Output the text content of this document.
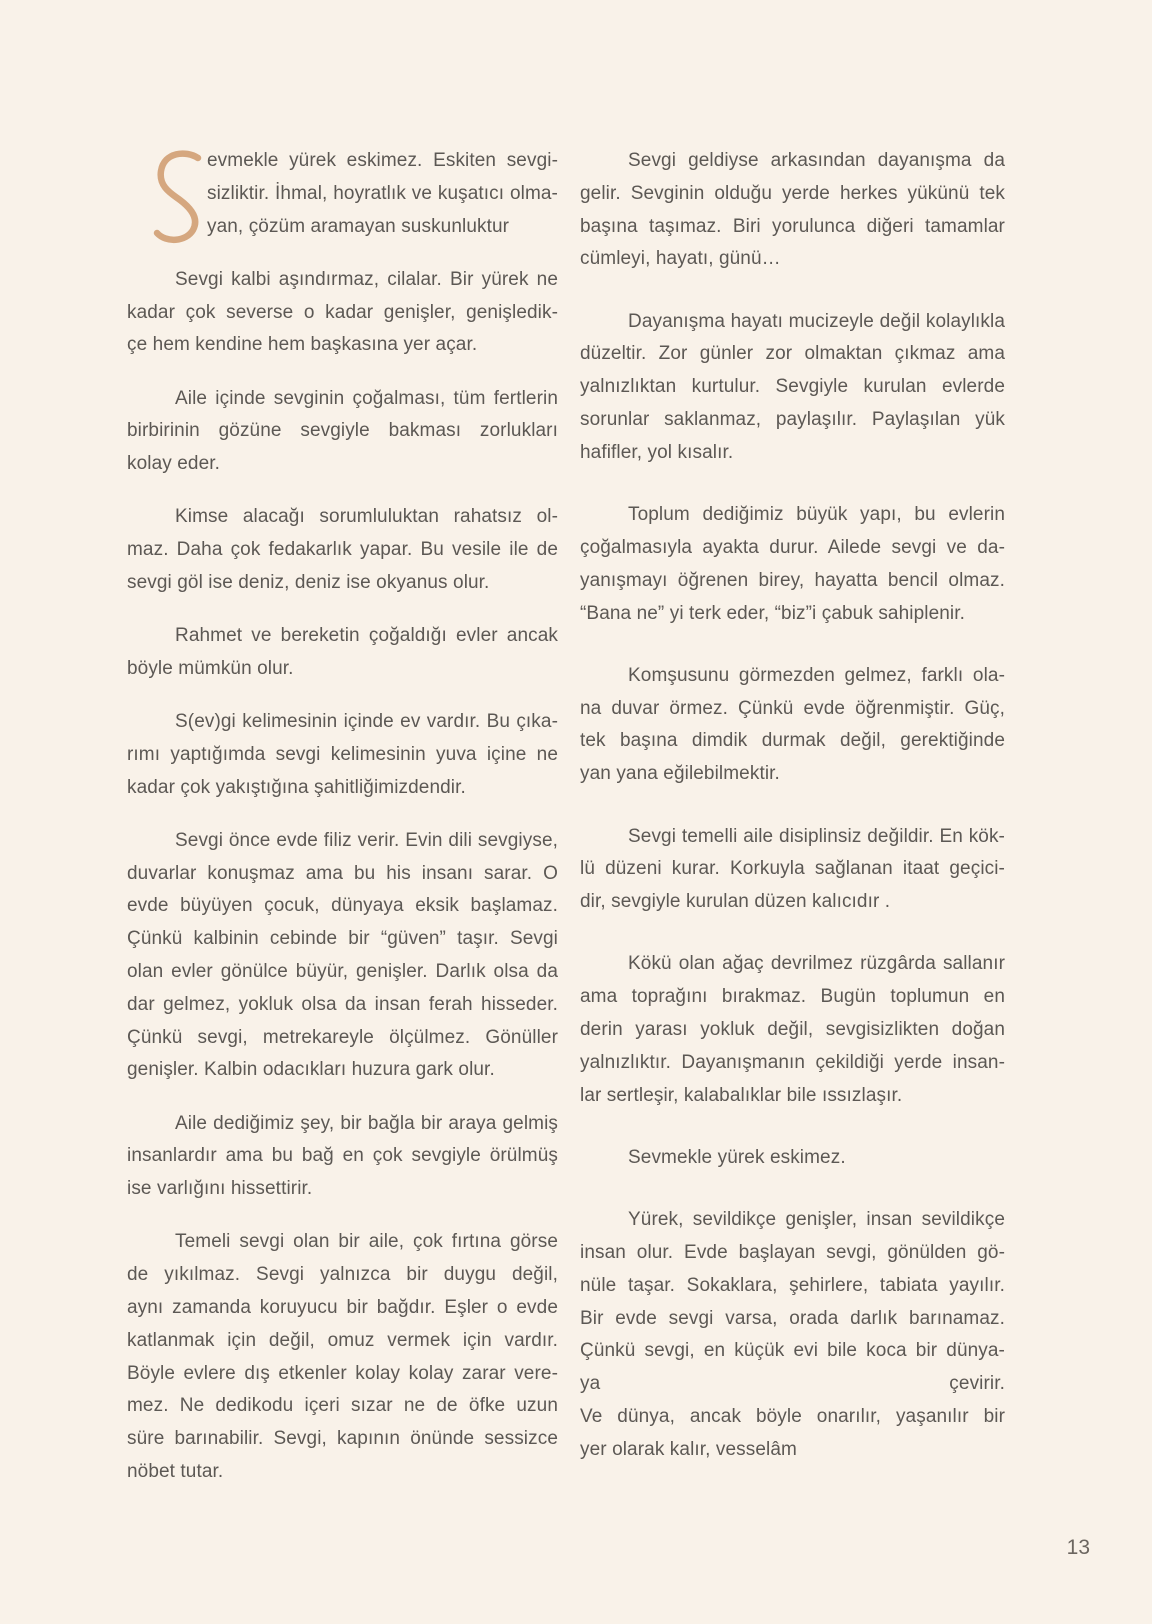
evmekle yürek eskimez. Eskiten sevgi-
sizliktir. İhmal, hoyratlık ve kuşatıcı olma-
yan, çözüm aramayan suskunluktur
Sevgi kalbi aşındırmaz, cilalar. Bir yürek ne
kadar çok severse o kadar genişler, genişledik-
çe hem kendine hem başkasına yer açar.
Aile içinde sevginin çoğalması, tüm fertlerin
birbirinin gözüne sevgiyle bakması zorlukları
kolay eder.
Kimse alacağı sorumluluktan rahatsız ol-
maz. Daha çok fedakarlık yapar. Bu vesile ile de
sevgi göl ise deniz, deniz ise okyanus olur.
Rahmet ve bereketin çoğaldığı evler ancak
böyle mümkün olur.
S(ev)gi kelimesinin içinde ev vardır. Bu çıka-
rımı yaptığımda sevgi kelimesinin yuva içine ne
kadar çok yakıştığına şahitliğimizdendir.
Sevgi önce evde filiz verir. Evin dili sevgiyse,
duvarlar konuşmaz ama bu his insanı sarar. O
evde büyüyen çocuk, dünyaya eksik başlamaz.
Çünkü kalbinin cebinde bir “güven” taşır. Sevgi
olan evler gönülce büyür, genişler. Darlık olsa da
dar gelmez, yokluk olsa da insan ferah hisseder.
Çünkü sevgi, metrekareyle ölçülmez. Gönüller
genişler. Kalbin odacıkları huzura gark olur.
Aile dediğimiz şey, bir bağla bir araya gelmiş
insanlardır ama bu bağ en çok sevgiyle örülmüş
ise varlığını hissettirir.
Temeli sevgi olan bir aile, çok fırtına görse
de yıkılmaz. Sevgi yalnızca bir duygu değil,
aynı zamanda koruyucu bir bağdır. Eşler o evde
katlanmak için değil, omuz vermek için vardır.
Böyle evlere dış etkenler kolay kolay zarar vere-
mez. Ne dedikodu içeri sızar ne de öfke uzun
süre barınabilir. Sevgi, kapının önünde sessizce
nöbet tutar.
Sevgi geldiyse arkasından dayanışma da
gelir. Sevginin olduğu yerde herkes yükünü tek
başına taşımaz. Biri yorulunca diğeri tamamlar
cümleyi, hayatı, günü…
Dayanışma hayatı mucizeyle değil kolaylıkla
düzeltir. Zor günler zor olmaktan çıkmaz ama
yalnızlıktan kurtulur. Sevgiyle kurulan evlerde
sorunlar saklanmaz, paylaşılır. Paylaşılan yük
hafifler, yol kısalır.
Toplum dediğimiz büyük yapı, bu evlerin
çoğalmasıyla ayakta durur. Ailede sevgi ve da-
yanışmayı öğrenen birey, hayatta bencil olmaz.
“Bana ne” yi terk eder, “biz”i çabuk sahiplenir.
Komşusunu görmezden gelmez, farklı ola-
na duvar örmez. Çünkü evde öğrenmiştir. Güç,
tek başına dimdik durmak değil, gerektiğinde
yan yana eğilebilmektir.
Sevgi temelli aile disiplinsiz değildir. En kök-
lü düzeni kurar. Korkuyla sağlanan itaat geçici-
dir, sevgiyle kurulan düzen kalıcıdır .
Kökü olan ağaç devrilmez rüzgârda sallanır
ama toprağını bırakmaz. Bugün toplumun en
derin yarası yokluk değil, sevgisizlikten doğan
yalnızlıktır. Dayanışmanın çekildiği yerde insan-
lar sertleşir, kalabalıklar bile ıssızlaşır.
Sevmekle yürek eskimez.
Yürek, sevildikçe genişler, insan sevildikçe
insan olur. Evde başlayan sevgi, gönülden gö-
nüle taşar. Sokaklara, şehirlere, tabiata yayılır.
Bir evde sevgi varsa, orada darlık barınamaz.
Çünkü sevgi, en küçük evi bile koca bir dünya-
ya çevirir.
Ve dünya, ancak böyle onarılır, yaşanılır bir
yer olarak kalır, vesselâm
13
